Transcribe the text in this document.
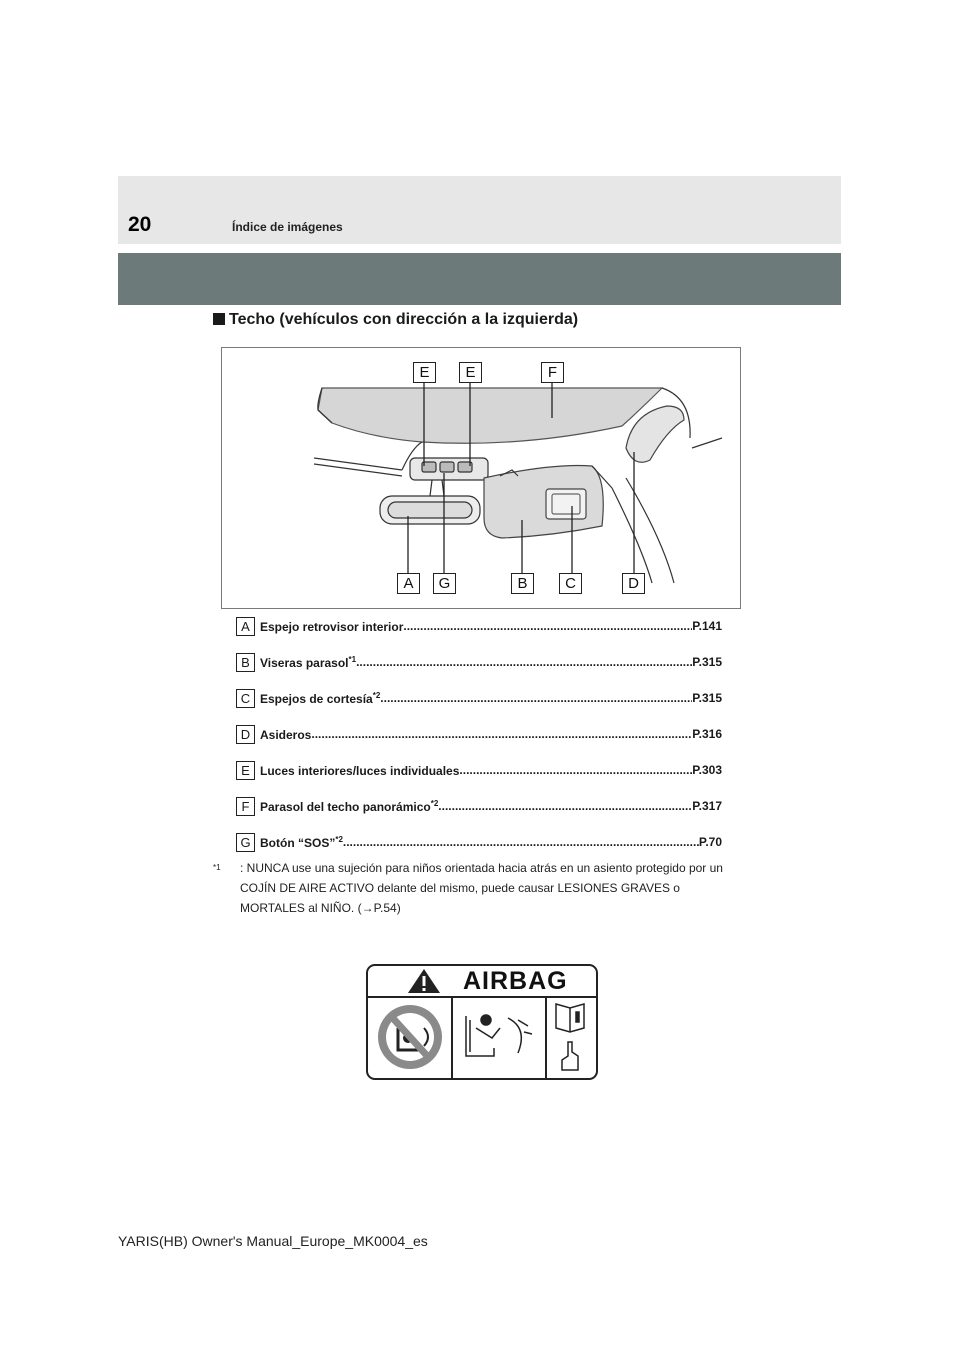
20	Índice de imágenes
Techo (vehículos con dirección a la izquierda)
E	E	F
A	G	B	C	D
A Espejo retrovisor interior .....	P.141
B Viseras parasol$^{*1}$ .....	P.315
C Espejos de cortesía$^{*2}$ .....	P.315
D Asideros .....	P.316
E Luces interiores/luces individuales .....	P.303
F Parasol del techo panorámico$^{*2}$ .....	P.317
G Botón “SOS”$^{*2}$ .....	P.70
$^{*1}$ : NUNCA use una sujeción para niños orientada hacia atrás en un asiento protegido por un COJÍN DE AIRE ACTIVO delante del mismo, puede causar LESIONES GRAVES o MORTALES al NIÑO. (→P.54)
AIRBAG
YARIS(HB) Owner's Manual_Europe_MK0004_es
